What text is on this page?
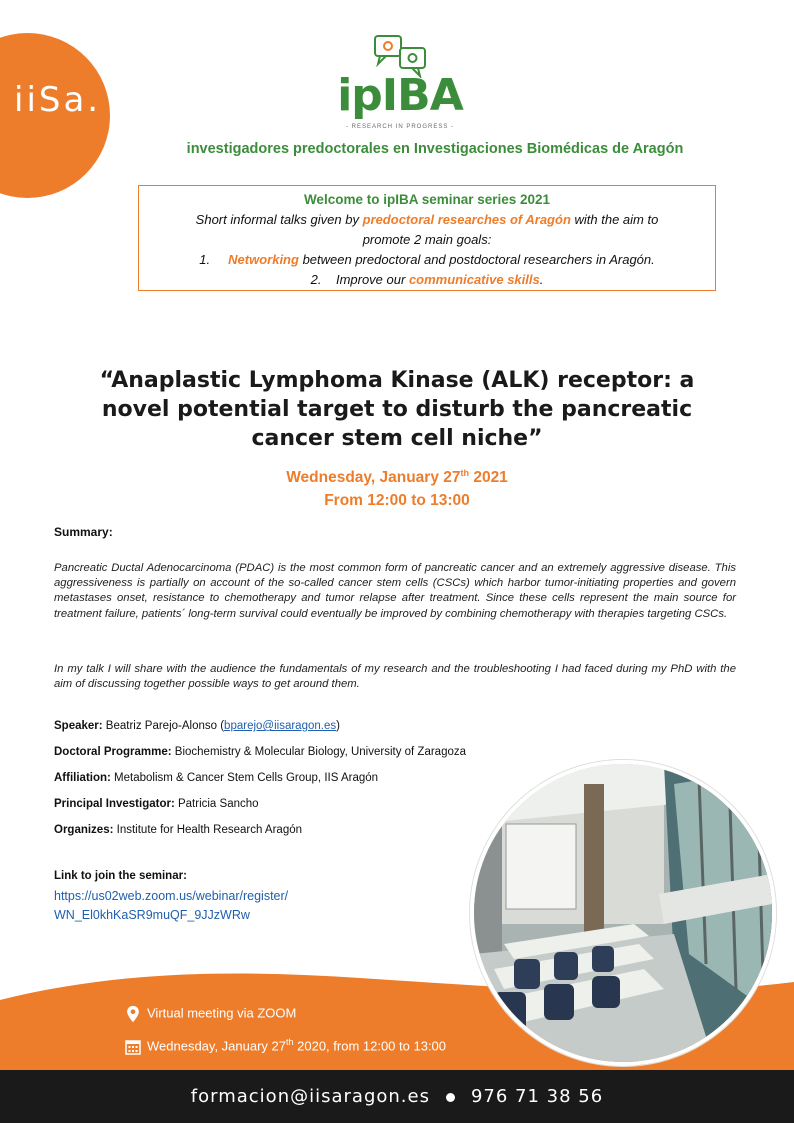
iiSa.	ipIBA
- RESEARCH IN PROGRESS -
investigadores predoctorales en Investigaciones Biomédicas de Aragón
Welcome to ipIBA seminar series 2021
Short informal talks given by predoctoral researches of Aragón with the aim to
promote 2 main goals:
1. Networking between predoctoral and postdoctoral researchers in Aragón.
2. Improve our communicative skills.
“Anaplastic Lymphoma Kinase (ALK) receptor: a
novel potential target to disturb the pancreatic
cancer stem cell niche”
Wednesday, January 27th 2021
From 12:00 to 13:00
Summary:
Pancreatic Ductal Adenocarcinoma (PDAC) is the most common form of pancreatic cancer and an extremely aggressive disease. This aggressiveness is partially on account of the so-called cancer stem cells (CSCs) which harbor tumor-initiating properties and govern metastases onset, resistance to chemotherapy and tumor relapse after treatment. Since these cells represent the main source for treatment failure, patients´ long-term survival could eventually be improved by combining chemotherapy with therapies targeting CSCs.
In my talk I will share with the audience the fundamentals of my research and the troubleshooting I had faced during my PhD with the aim of discussing together possible ways to get around them.
Speaker: Beatriz Parejo-Alonso (bparejo@iisaragon.es)
Doctoral Programme: Biochemistry & Molecular Biology, University of Zaragoza
Affiliation: Metabolism & Cancer Stem Cells Group, IIS Aragón
Principal Investigator: Patricia Sancho
Organizes: Institute for Health Research Aragón
Link to join the seminar:
https://us02web.zoom.us/webinar/register/
WN_El0khKaSR9muQF_9JJzWRw
Virtual meeting via ZOOM
Wednesday, January 27th 2020, from 12:00 to 13:00
formacion@iisaragon.es 976 71 38 56
